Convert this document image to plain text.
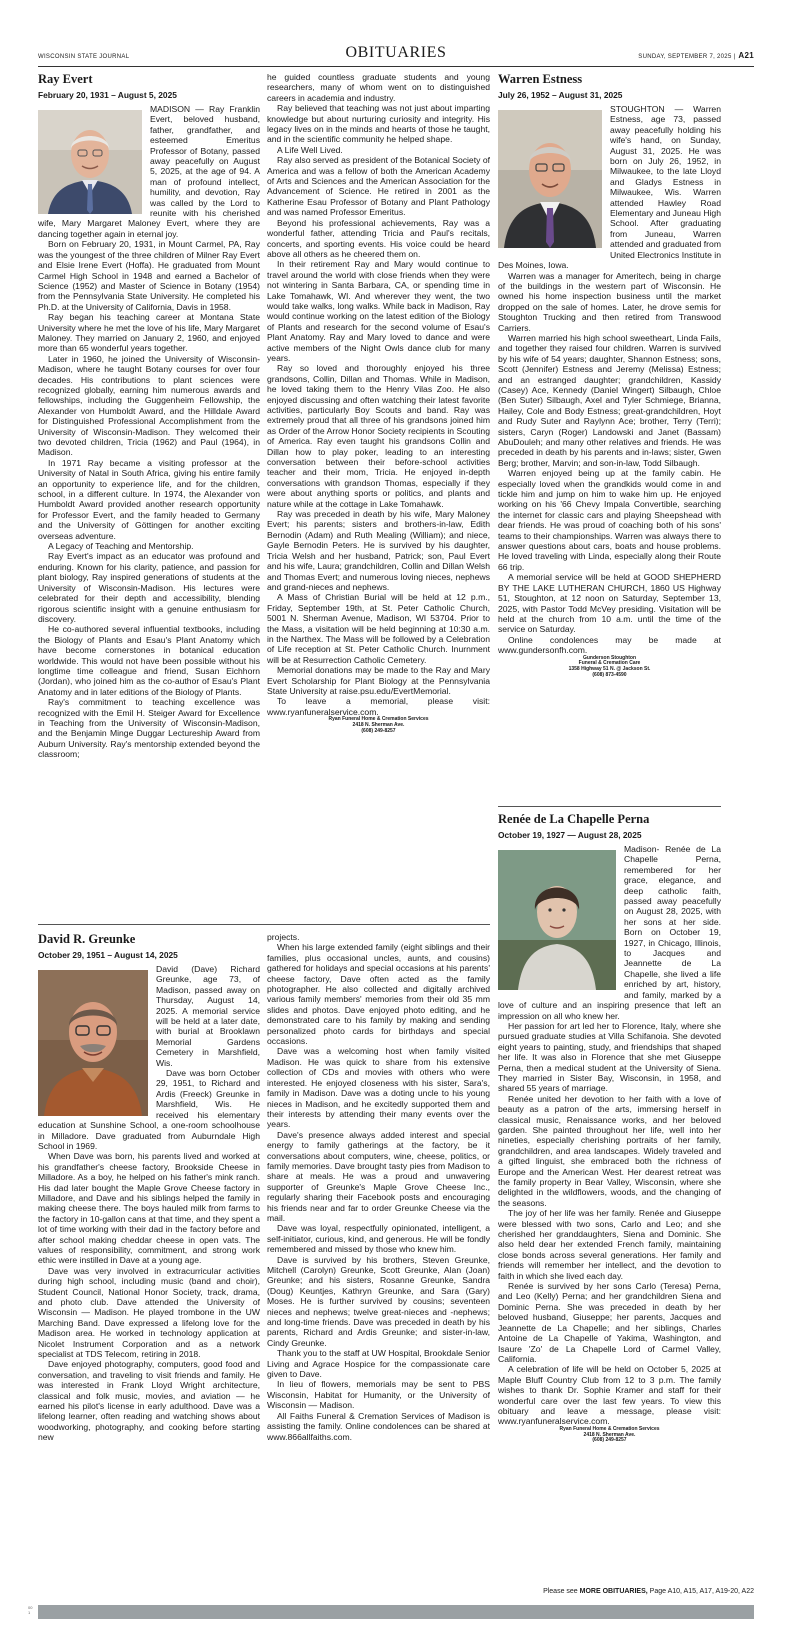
WISCONSIN STATE JOURNAL	OBITUARIES	SUNDAY, SEPTEMBER 7, 2025 | A21
Ray Evert
February 20, 1931 – August 5, 2025

MADISON — Ray Franklin Evert, beloved husband, father, grandfather, and esteemed Emeritus Professor of Botany, passed away peacefully on August 5, 2025, at the age of 94. A man of profound intellect, humility, and devotion, Ray was called by the Lord to reunite with his cherished wife, Mary Margaret Maloney Evert, where they are dancing together again in eternal joy.

Born on February 20, 1931, in Mount Carmel, PA, Ray was the youngest of the three children of Milner Ray Evert and Elsie Irene Evert (Hoffa). He graduated from Mount Carmel High School in 1948 and earned a Bachelor of Science (1952) and Master of Science in Botany (1954) from the Pennsylvania State University. He completed his Ph.D. at the University of California, Davis in 1958.

Ray began his teaching career at Montana State University where he met the love of his life, Mary Margaret Maloney. They married on January 2, 1960, and enjoyed more than 65 wonderful years together.

Later in 1960, he joined the University of Wisconsin-Madison, where he taught Botany courses for over four decades. His contributions to plant sciences were recognized globally, earning him numerous awards and fellowships, including the Guggenheim Fellowship, the Alexander von Humboldt Award, and the Hilldale Award for Distinguished Professional Accomplishment from the University of Wisconsin-Madison. They welcomed their two devoted children, Tricia (1962) and Paul (1964), in Madison.

In 1971 Ray became a visiting professor at the University of Natal in South Africa, giving his entire family an opportunity to experience life, and for the children, school, in a different culture. In 1974, the Alexander von Humboldt Award provided another research opportunity for Professor Evert, and the family headed to Germany and the University of Göttingen for another exciting overseas adventure.

A Legacy of Teaching and Mentorship.

Ray Evert's impact as an educator was profound and enduring. Known for his clarity, patience, and passion for plant biology, Ray inspired generations of students at the University of Wisconsin-Madison. His lectures were celebrated for their depth and accessibility, blending rigorous scientific insight with a genuine enthusiasm for discovery.

He co-authored several influential textbooks, including the Biology of Plants and Esau's Plant Anatomy which have become cornerstones in botanical education worldwide. This would not have been possible without his longtime time colleague and friend, Susan Eichhorn (Jordan), who joined him as the co-author of Esau's Plant Anatomy and in later editions of the Biology of Plants.

Ray's commitment to teaching excellence was recognized with the Emil H. Steiger Award for Excellence in Teaching from the University of Wisconsin-Madison, and the Benjamin Minge Duggar Lectureship Award from Auburn University. Ray's mentorship extended beyond the classroom;

he guided countless graduate students and young researchers, many of whom went on to distinguished careers in academia and industry.

Ray believed that teaching was not just about imparting knowledge but about nurturing curiosity and integrity. His legacy lives on in the minds and hearts of those he taught, and in the scientific community he helped shape.

A Life Well Lived.

Ray also served as president of the Botanical Society of America and was a fellow of both the American Academy of Arts and Sciences and the American Association for the Advancement of Science. He retired in 2001 as the Katherine Esau Professor of Botany and Plant Pathology and was named Professor Emeritus.

Beyond his professional achievements, Ray was a wonderful father, attending Tricia and Paul's recitals, concerts, and sporting events. His voice could be heard above all others as he cheered them on.

In their retirement Ray and Mary would continue to travel around the world with close friends when they were not wintering in Santa Barbara, CA, or spending time in Lake Tomahawk, WI. And wherever they went, the two would take walks, long walks. While back in Madison, Ray would continue working on the latest edition of the Biology of Plants and research for the second volume of Esau's Plant Anatomy. Ray and Mary loved to dance and were active members of the Night Owls dance club for many years.

Ray so loved and thoroughly enjoyed his three grandsons, Collin, Dillan and Thomas. While in Madison, he loved taking them to the Henry Vilas Zoo. He also enjoyed discussing and often watching their latest favorite activities, particularly Boy Scouts and band. Ray was extremely proud that all three of his grandsons joined him as Order of the Arrow Honor Society recipients in Scouting of America. Ray even taught his grandsons Collin and Dillan how to play poker, leading to an interesting conversation between their before-school activities teacher and their mom, Tricia. He enjoyed in-depth conversations with grandson Thomas, especially if they were about anything sports or politics, and plants and nature while at the cottage in Lake Tomahawk.

Ray was preceded in death by his wife, Mary Maloney Evert; his parents; sisters and brothers-in-law, Edith Bernodin (Adam) and Ruth Mealing (William); and niece, Gayle Bernodin Peters. He is survived by his daughter, Tricia Welsh and her husband, Patrick; son, Paul Evert and his wife, Laura; grandchildren, Collin and Dillan Welsh and Thomas Evert; and numerous loving nieces, nephews and grand-nieces and nephews.

A Mass of Christian Burial will be held at 12 p.m., Friday, September 19th, at St. Peter Catholic Church, 5001 N. Sherman Avenue, Madison, WI 53704. Prior to the Mass, a visitation will be held beginning at 10:30 a.m. in the Narthex. The Mass will be followed by a Celebration of Life reception at St. Peter Catholic Church. Inurnment will be at Resurrection Catholic Cemetery.

Memorial donations may be made to the Ray and Mary Evert Scholarship for Plant Biology at the Pennsylvania State University at raise.psu.edu/EvertMemorial.

To leave a memorial, please visit: www.ryanfuneralservice.com.

Ryan Funeral Home & Cremation Services
2418 N. Sherman Ave.
(608) 249-8257
Warren Estness
July 26, 1952 – August 31, 2025

STOUGHTON — Warren Estness, age 73, passed away peacefully holding his wife's hand, on Sunday, August 31, 2025. He was born on July 26, 1952, in Milwaukee, to the late Lloyd and Gladys Estness in Milwaukee, Wis. Warren attended Hawley Road Elementary and Juneau High School. After graduating from Juneau, Warren attended and graduated from United Electronics Institute in Des Moines, Iowa.

Warren was a manager for Ameritech, being in charge of the buildings in the western part of Wisconsin. He owned his home inspection business until the market dropped on the sale of homes. Later, he drove semis for Stoughton Trucking and then retired from Transwood Carriers.

Warren married his high school sweetheart, Linda Fails, and together they raised four children. Warren is survived by his wife of 54 years; daughter, Shannon Estness; sons, Scott (Jennifer) Estness and Jeremy (Melissa) Estness; and an estranged daughter; grandchildren, Kassidy (Casey) Ace, Kennedy (Daniel Wingert) Silbaugh, Chloe (Ben Suter) Silbaugh, Axel and Tyler Schmiege, Brianna, Hailey, Cole and Body Estness; great-grandchildren, Hoyt and Rudy Suter and Raylynn Ace; brother, Terry (Terri); sisters, Caryn (Roger) Landowski and Janet (Bassam) AbuDouleh; and many other relatives and friends. He was preceded in death by his parents and in-laws; sister, Gwen Berg; brother, Marvin; and son-in-law, Todd Silbaugh.

Warren enjoyed being up at the family cabin. He especially loved when the grandkids would come in and tickle him and jump on him to wake him up. He enjoyed working on his '66 Chevy Impala Convertible, searching the internet for classic cars and playing Sheepshead with dear friends. He was proud of coaching both of his sons' teams to their championships. Warren was always there to answer questions about cars, boats and house problems. He loved traveling with Linda, especially along their Route 66 trip.

A memorial service will be held at GOOD SHEPHERD BY THE LAKE LUTHERAN CHURCH, 1860 US Highway 51, Stoughton, at 12 noon on Saturday, September 13, 2025, with Pastor Todd McVey presiding. Visitation will be held at the church from 10 a.m. until the time of the service on Saturday.

Online condolences may be made at www.gundersonfh.com.

Gunderson Stoughton
Funeral & Cremation Care
1358 Highway 51 N. @ Jackson St.
(608) 873-4590
David R. Greunke
October 29, 1951 – August 14, 2025

David (Dave) Richard Greunke, age 73, of Madison, passed away on Thursday, August 14, 2025. A memorial service will be held at a later date, with burial at Brooklawn Memorial Gardens Cemetery in Marshfield, Wis.

Dave was born October 29, 1951, to Richard and Ardis (Freeck) Greunke in Marshfield, Wis. He received his elementary education at Sunshine School, a one-room schoolhouse in Milladore. Dave graduated from Auburndale High School in 1969.

When Dave was born, his parents lived and worked at his grandfather's cheese factory, Brookside Cheese in Milladore. As a boy, he helped on his father's mink ranch. His dad later bought the Maple Grove Cheese factory in Milladore, and Dave and his siblings helped the family in making cheese there. The boys hauled milk from farms to the factory in 10-gallon cans at that time, and they spent a lot of time working with their dad in the factory before and after school making cheddar cheese in open vats. The values of responsibility, commitment, and strong work ethic were instilled in Dave at a young age.

Dave was very involved in extracurricular activities during high school, including music (band and choir), Student Council, National Honor Society, track, drama, and photo club. Dave attended the University of Wisconsin — Madison. He played trombone in the UW Marching Band. Dave expressed a lifelong love for the Madison area. He worked in technology application at Nicolet Instrument Corporation and as a network specialist at TDS Telecom, retiring in 2018.

Dave enjoyed photography, computers, good food and conversation, and traveling to visit friends and family. He was interested in Frank Lloyd Wright architecture, classical and folk music, movies, and aviation — he earned his pilot's license in early adulthood. Dave was a lifelong learner, often reading and watching shows about woodworking, photography, and cooking before starting new

projects.

When his large extended family (eight siblings and their families, plus occasional uncles, aunts, and cousins) gathered for holidays and special occasions at his parents' cheese factory, Dave often acted as the family photographer. He also collected and digitally archived various family members' memories from their old 35 mm slides and photos. Dave enjoyed photo editing, and he demonstrated care to his family by making and sending personalized photo cards for birthdays and special occasions.

Dave was a welcoming host when family visited Madison. He was quick to share from his extensive collection of CDs and movies with others who were interested. He enjoyed closeness with his sister, Sara's, family in Madison. Dave was a doting uncle to his young nieces in Madison, and he excitedly supported them and their interests by attending their many events over the years.

Dave's presence always added interest and special energy to family gatherings at the factory, be it conversations about computers, wine, cheese, politics, or family memories. Dave brought tasty pies from Madison to share at meals. He was a proud and unwavering supporter of Greunke's Maple Grove Cheese Inc., regularly sharing their Facebook posts and encouraging his friends near and far to order Greunke Cheese via the mail.

Dave was loyal, respectfully opinionated, intelligent, a self-initiator, curious, kind, and generous. He will be fondly remembered and missed by those who knew him.

Dave is survived by his brothers, Steven Greunke, Mitchell (Carolyn) Greunke, Scott Greunke, Alan (Joan) Greunke; and his sisters, Rosanne Greunke, Sandra (Doug) Keuntjes, Kathryn Greunke, and Sara (Gary) Moses. He is further survived by cousins; seventeen nieces and nephews; twelve great-nieces and -nephews; and long-time friends. Dave was preceded in death by his parents, Richard and Ardis Greunke; and sister-in-law, Cindy Greunke.

Thank you to the staff at UW Hospital, Brookdale Senior Living and Agrace Hospice for the compassionate care given to Dave.

In lieu of flowers, memorials may be sent to PBS Wisconsin, Habitat for Humanity, or the University of Wisconsin — Madison.

All Faiths Funeral & Cremation Services of Madison is assisting the family. Online condolences can be shared at www.866allfaiths.com.

Renée de La Chapelle Perna
October 19, 1927 — August 28, 2025

Madison- Renée de La Chapelle Perna, remembered for her grace, elegance, and deep catholic faith, passed away peacefully on August 28, 2025, with her sons at her side. Born on October 19, 1927, in Chicago, Illinois, to Jacques and Jeannette de La Chapelle, she lived a life enriched by art, history, and family, marked by a love of culture and an inspiring presence that left an impression on all who knew her.

Her passion for art led her to Florence, Italy, where she pursued graduate studies at Villa Schifanoia. She devoted eight years to painting, study, and friendships that shaped her life. It was also in Florence that she met Giuseppe Perna, then a medical student at the University of Siena. They married in Sister Bay, Wisconsin, in 1958, and shared 55 years of marriage.

Renée united her devotion to her faith with a love of beauty as a patron of the arts, immersing herself in classical music, Renaissance works, and her beloved garden. She painted throughout her life, well into her nineties, especially cherishing portraits of her family, grandchildren, and area landscapes. Widely traveled and a gifted linguist, she embraced both the richness of Europe and the American West. Her dearest retreat was the family property in Bear Valley, Wisconsin, where she delighted in the wildflowers, woods, and the changing of the seasons.

The joy of her life was her family. Renée and Giuseppe were blessed with two sons, Carlo and Leo; and she cherished her granddaughters, Siena and Dominic. She also held dear her extended French family, maintaining close bonds across several generations. Her family and friends will remember her intellect, and the devotion to faith in which she lived each day.

Renée is survived by her sons Carlo (Teresa) Perna, and Leo (Kelly) Perna; and her grandchildren Siena and Dominic Perna. She was preceded in death by her beloved husband, Giuseppe; her parents, Jacques and Jeannette de La Chapelle; and her siblings, Charles Antoine de La Chapelle of Yakima, Washington, and Isaure 'Zo' de La Chapelle Lord of Carmel Valley, California.

A celebration of life will be held on October 5, 2025 at Maple Bluff Country Club from 12 to 3 p.m. The family wishes to thank Dr. Sophie Kramer and staff for their wonderful care over the last few years. To view this obituary and leave a message, please visit: www.ryanfuneralservice.com.

Ryan Funeral Home & Cremation Services
2418 N. Sherman Ave.
(608) 249-8257
Please see MORE OBITUARIES, Page A10, A15, A17, A19-20, A22
00
1
